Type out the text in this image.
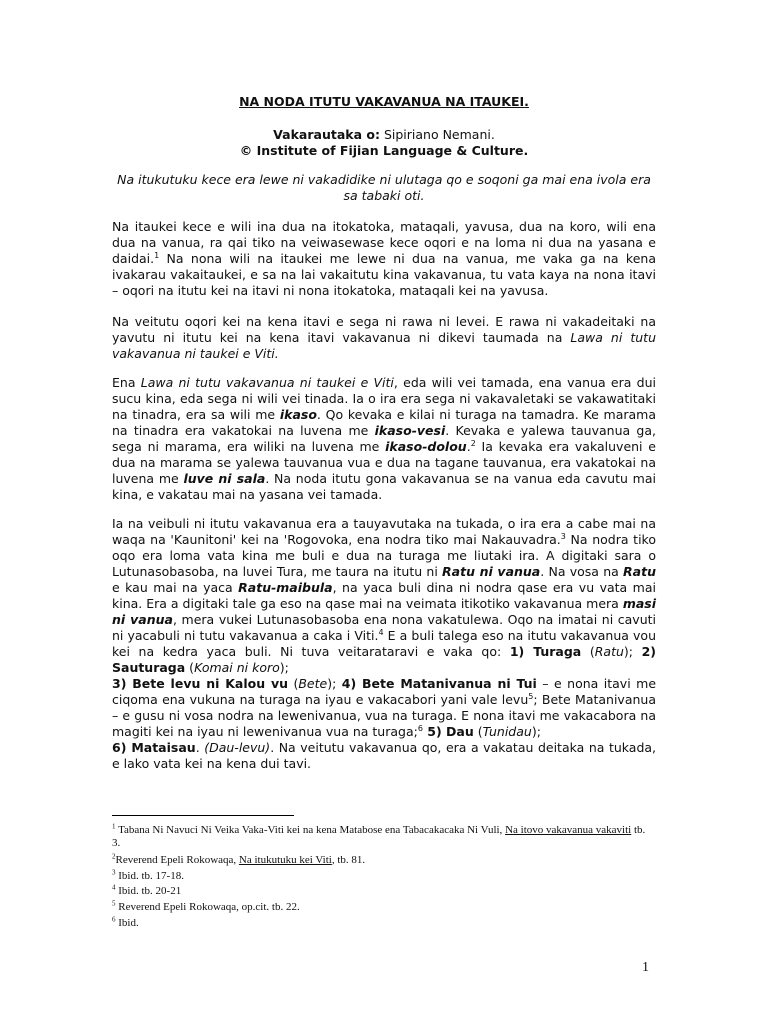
NA NODA ITUTU VAKAVANUA NA ITAUKEI.
Vakarautaka o: Sipiriano Nemani.
© Institute of Fijian Language & Culture.
Na itukutuku kece era lewe ni vakadidike ni ulutaga qo e soqoni ga mai ena ivola era sa tabaki oti.

Na itaukei kece e wili ina dua na itokatoka, mataqali, yavusa, dua na koro, wili ena dua na vanua, ra qai tiko na veiwasewase kece oqori e na loma ni dua na yasana e daidai.$^1$ Na nona wili na itaukei me lewe ni dua na vanua, me vaka ga na kena ivakarau vakaitaukei, e sa na lai vakaitutu kina vakavanua, tu vata kaya na nona itavi – oqori na itutu kei na itavi ni nona itokatoka, mataqali kei na yavusa.

Na veitutu oqori kei na kena itavi e sega ni rawa ni levei. E rawa ni vakadeitaki na yavutu ni itutu kei na kena itavi vakavanua ni dikevi taumada na Lawa ni tutu vakavanua ni taukei e Viti.

Ena Lawa ni tutu vakavanua ni taukei e Viti, eda wili vei tamada, ena vanua era dui sucu kina, eda sega ni wili vei tinada. Ia o ira era sega ni vakavaletaki se vakawatitaki na tinadra, era sa wili me ikaso. Qo kevaka e kilai ni turaga na tamadra. Ke marama na tinadra era vakatokai na luvena me ikaso-vesi. Kevaka e yalewa tauvanua ga, sega ni marama, era wiliki na luvena me ikaso-dolou.$^2$ Ia kevaka era vakaluveni e dua na marama se yalewa tauvanua vua e dua na tagane tauvanua, era vakatokai na luvena me luve ni sala. Na noda itutu gona vakavanua se na vanua eda cavutu mai kina, e vakatau mai na yasana vei tamada.

Ia na veibuli ni itutu vakavanua era a tauyavutaka na tukada, o ira era a cabe mai na waqa na 'Kaunitoni' kei na 'Rogovoka, ena nodra tiko mai Nakauvadra.$^3$ Na nodra tiko oqo era loma vata kina me buli e dua na turaga me liutaki ira. A digitaki sara o Lutunasobasoba, na luvei Tura, me taura na itutu ni Ratu ni vanua. Na vosa na Ratu e kau mai na yaca Ratu-maibula, na yaca buli dina ni nodra qase era vu vata mai kina. Era a digitaki tale ga eso na qase mai na veimata itikotiko vakavanua mera masi ni vanua, mera vukei Lutunasobasoba ena nona vakatulewa. Oqo na imatai ni cavuti ni yacabuli ni tutu vakavanua a caka i Viti.$^4$ E a buli talega eso na itutu vakavanua vou kei na kedra yaca buli. Ni tuva veitarataravi e vaka qo: 1) Turaga (Ratu); 2) Sauturaga (Komai ni koro);
3) Bete levu ni Kalou vu (Bete); 4) Bete Matanivanua ni Tui – e nona itavi me ciqoma ena vukuna na turaga na iyau e vakacabori yani vale levu$^5$; Bete Matanivanua – e gusu ni vosa nodra na lewenivanua, vua na turaga. E nona itavi me vakacabora na magiti kei na iyau ni lewenivanua vua na turaga;$^6$ 5) Dau (Tunidau);
6) Mataisau. (Dau-levu). Na veitutu vakavanua qo, era a vakatau deitaka na tukada, e lako vata kei na kena dui tavi.

$^1$ Tabana Ni Navuci Ni Veika Vaka-Viti kei na kena Matabose ena Tabacakacaka Ni Vuli, Na itovo vakavanua vakaviti tb. 3.
$^2$Reverend Epeli Rokowaqa, Na itukutuku kei Viti, tb. 81.
$^3$ Ibid. tb. 17-18.
$^4$ Ibid. tb. 20-21
$^5$ Reverend Epeli Rokowaqa, op.cit. tb. 22.
$^6$ Ibid.
1
